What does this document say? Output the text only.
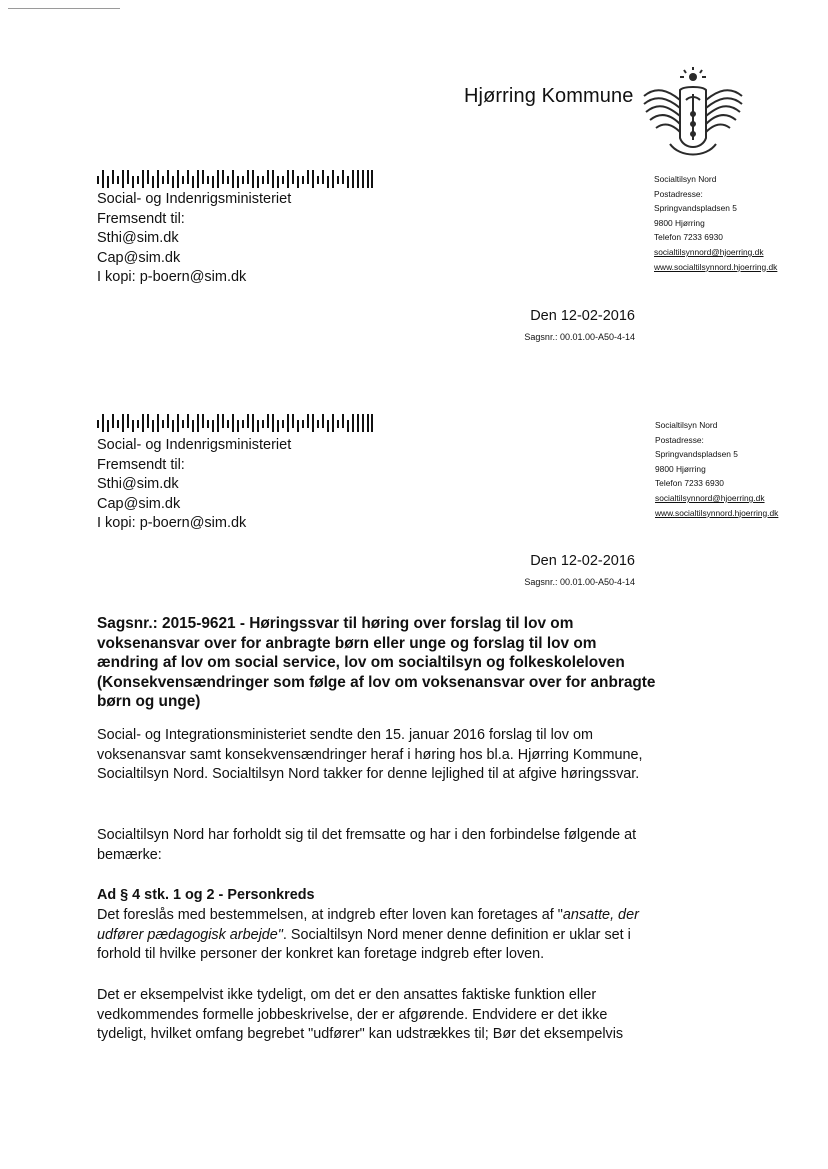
Hjørring Kommune
Social- og Indenrigsministeriet
Fremsendt til:
Sthi@sim.dk
Cap@sim.dk
I kopi: p-boern@sim.dk
Socialtilsyn Nord
Postadresse:
Springvandspladsen 5
9800 Hjørring
Telefon 7233 6930
socialtilsynnord@hjoerring.dk
www.socialtilsynnord.hjoerring.dk
Den 12-02-2016
Sagsnr.: 00.01.00-A50-4-14
Social- og Indenrigsministeriet
Fremsendt til:
Sthi@sim.dk
Cap@sim.dk
I kopi: p-boern@sim.dk
Socialtilsyn Nord
Postadresse:
Springvandspladsen 5
9800 Hjørring
Telefon 7233 6930
socialtilsynnord@hjoerring.dk
www.socialtilsynnord.hjoerring.dk
Den 12-02-2016
Sagsnr.: 00.01.00-A50-4-14
Sagsnr.: 2015-9621 - Høringssvar til høring over forslag til lov om voksenansvar over for anbragte børn eller unge og forslag til lov om ændring af lov om social service, lov om socialtilsyn og folkeskoleloven (Konsekvensændringer som følge af lov om voksenansvar over for anbragte børn og unge)
Social- og Integrationsministeriet sendte den 15. januar 2016 forslag til lov om voksenansvar samt konsekvensændringer heraf i høring hos bl.a. Hjørring Kommune, Socialtilsyn Nord. Socialtilsyn Nord takker for denne lejlighed til at afgive høringssvar.
Socialtilsyn Nord har forholdt sig til det fremsatte og har i den forbindelse følgende at bemærke:
Ad § 4 stk. 1 og 2 - Personkreds
Det foreslås med bestemmelsen, at indgreb efter loven kan foretages af "ansatte, der udfører pædagogisk arbejde". Socialtilsyn Nord mener denne definition er uklar set i forhold til hvilke personer der konkret kan foretage indgreb efter loven.
Det er eksempelvist ikke tydeligt, om det er den ansattes faktiske funktion eller vedkommendes formelle jobbeskrivelse, der er afgørende. Endvidere er det ikke tydeligt, hvilket omfang begrebet "udfører" kan udstrækkes til; Bør det eksempelvis
